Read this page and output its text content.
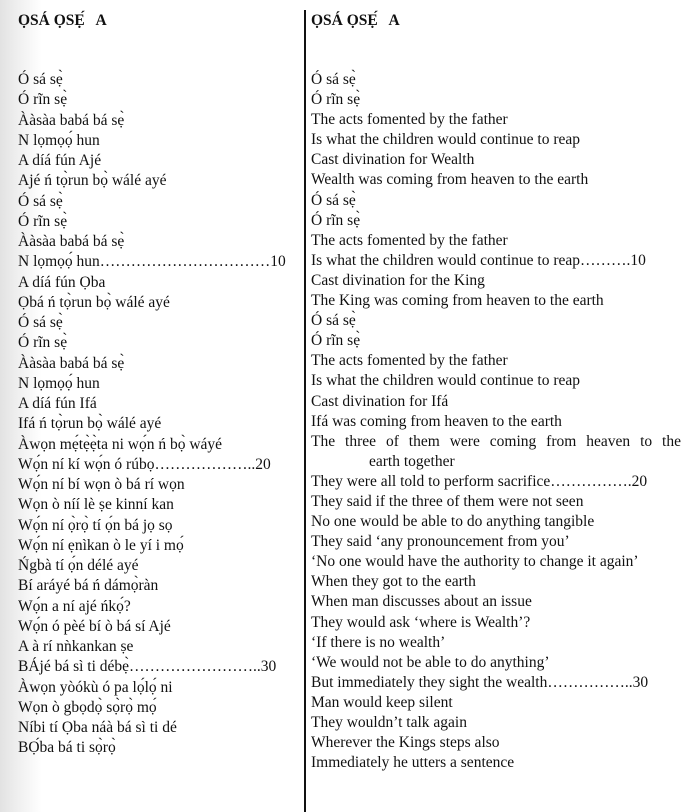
ỌSÁ ỌSẸ́   A
Ó sá sẹ̀
Ó rĩn sẹ̀
Ààsàa babá bá sẹ̀
N lọmọọ́ hun
A díá fún Ajé
Ajé ń tọ̀run bọ̀ wálé ayé
Ó sá sẹ̀
Ó rĩn sẹ̀
Ààsàa babá bá sẹ̀
N lọmọọ́ hun……………………………10
A díá fún Ọba
Ọbá ń tọ̀run bọ̀ wálé ayé
Ó sá sẹ̀
Ó rĩn sẹ̀
Ààsàa babá bá sẹ̀
N lọmọọ́ hun
A díá fún Ifá
Ifá ń tọ̀run bọ̀ wálé ayé
Àwọn mẹ́tẹ̀ẹ̀ta ni wọ́n ń bọ̀ wáyé
Wọ́n ní kí wọ́n ó rúbọ………………..20
Wọ́n ní bí wọn ò bá rí wọn
Wọn ò níí lè ṣe kinní kan
Wọ́n ní ọ̀rọ̀ tí ọ́n bá jọ sọ
Wọ́n ní ẹnìkan ò le yí i mọ́
Ńgbà tí ọ́n délé ayé
Bí aráyé bá ń dámọ̀ràn
Wọ́n a ní ajé ńkọ́?
Wọ́n ó pèé bí ò bá sí Ajé
A à rí nǹkankan ṣe
BÁjé bá sì ti débẹ̀……………………..30
Àwọn yòókù ó pa lọ́lọ́ ni
Wọn ò gbọdọ̀ sọ̀rọ̀ mọ́
Níbi tí Ọba náà bá sì ti dé
BỌ́ba bá ti sọ̀rọ̀
ỌSÁ ỌSẸ́   A
Ó sá sẹ̀
Ó rĩn sẹ̀
The acts fomented by the father
Is what the children would continue to reap
Cast divination for Wealth
Wealth was coming from heaven to the earth
Ó sá sẹ̀
Ó rĩn sẹ̀
The acts fomented by the father
Is what the children would continue to reap……….10
Cast divination for the King
The King was coming from heaven to the earth
Ó sá sẹ̀
Ó rĩn sẹ̀
The acts fomented by the father
Is what the children would continue to reap
Cast divination for Ifá
Ifá was coming from heaven to the earth
The three of them were coming from heaven to the
earth together
They were all told to perform sacrifice…………….20
They said if the three of them were not seen
No one would be able to do anything tangible
They said ‘any pronouncement from you’
‘No one would have the authority to change it again’
When they got to the earth
When man discusses about an issue
They would ask ‘where is Wealth’?
‘If there is no wealth’
‘We would not be able to do anything’
But immediately they sight the wealth……………..30
Man would keep silent
They wouldn’t talk again
Wherever the Kings steps also
Immediately he utters a sentence
